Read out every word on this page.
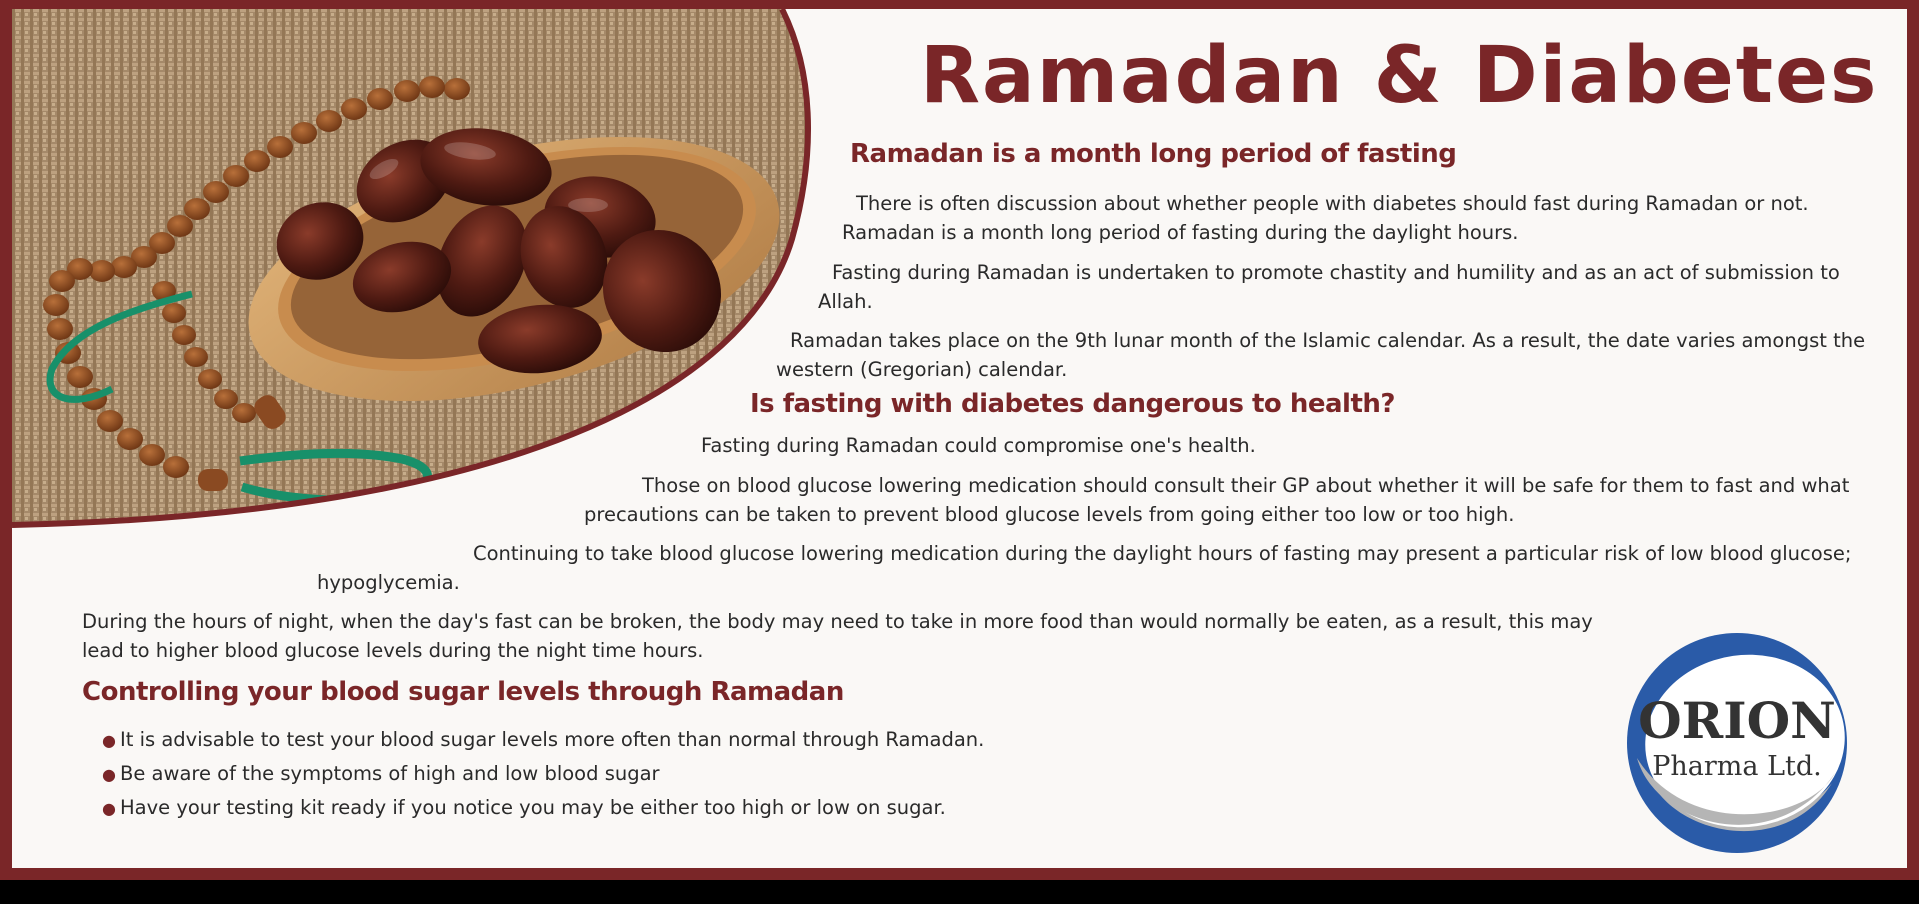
Ramadan & Diabetes
Ramadan is a month long period of fasting

There is often discussion about whether people with diabetes should fast during Ramadan or not. Ramadan is a month long period of fasting during the daylight hours.

Fasting during Ramadan is undertaken to promote chastity and humility and as an act of submission to Allah.

Ramadan takes place on the 9th lunar month of the Islamic calendar. As a result, the date varies amongst the western (Gregorian) calendar.

Is fasting with diabetes dangerous to health?

Fasting during Ramadan could compromise one's health.

Those on blood glucose lowering medication should consult their GP about whether it will be safe for them to fast and what precautions can be taken to prevent blood glucose levels from going either too low or too high.

Continuing to take blood glucose lowering medication during the daylight hours of fasting may present a particular risk of low blood glucose; hypoglycemia.

During the hours of night, when the day's fast can be broken, the body may need to take in more food than would normally be eaten, as a result, this may lead to higher blood glucose levels during the night time hours.

Controlling your blood sugar levels through Ramadan
● It is advisable to test your blood sugar levels more often than normal through Ramadan.
● Be aware of the symptoms of high and low blood sugar
● Have your testing kit ready if you notice you may be either too high or low on sugar.
ORION
Pharma Ltd.
